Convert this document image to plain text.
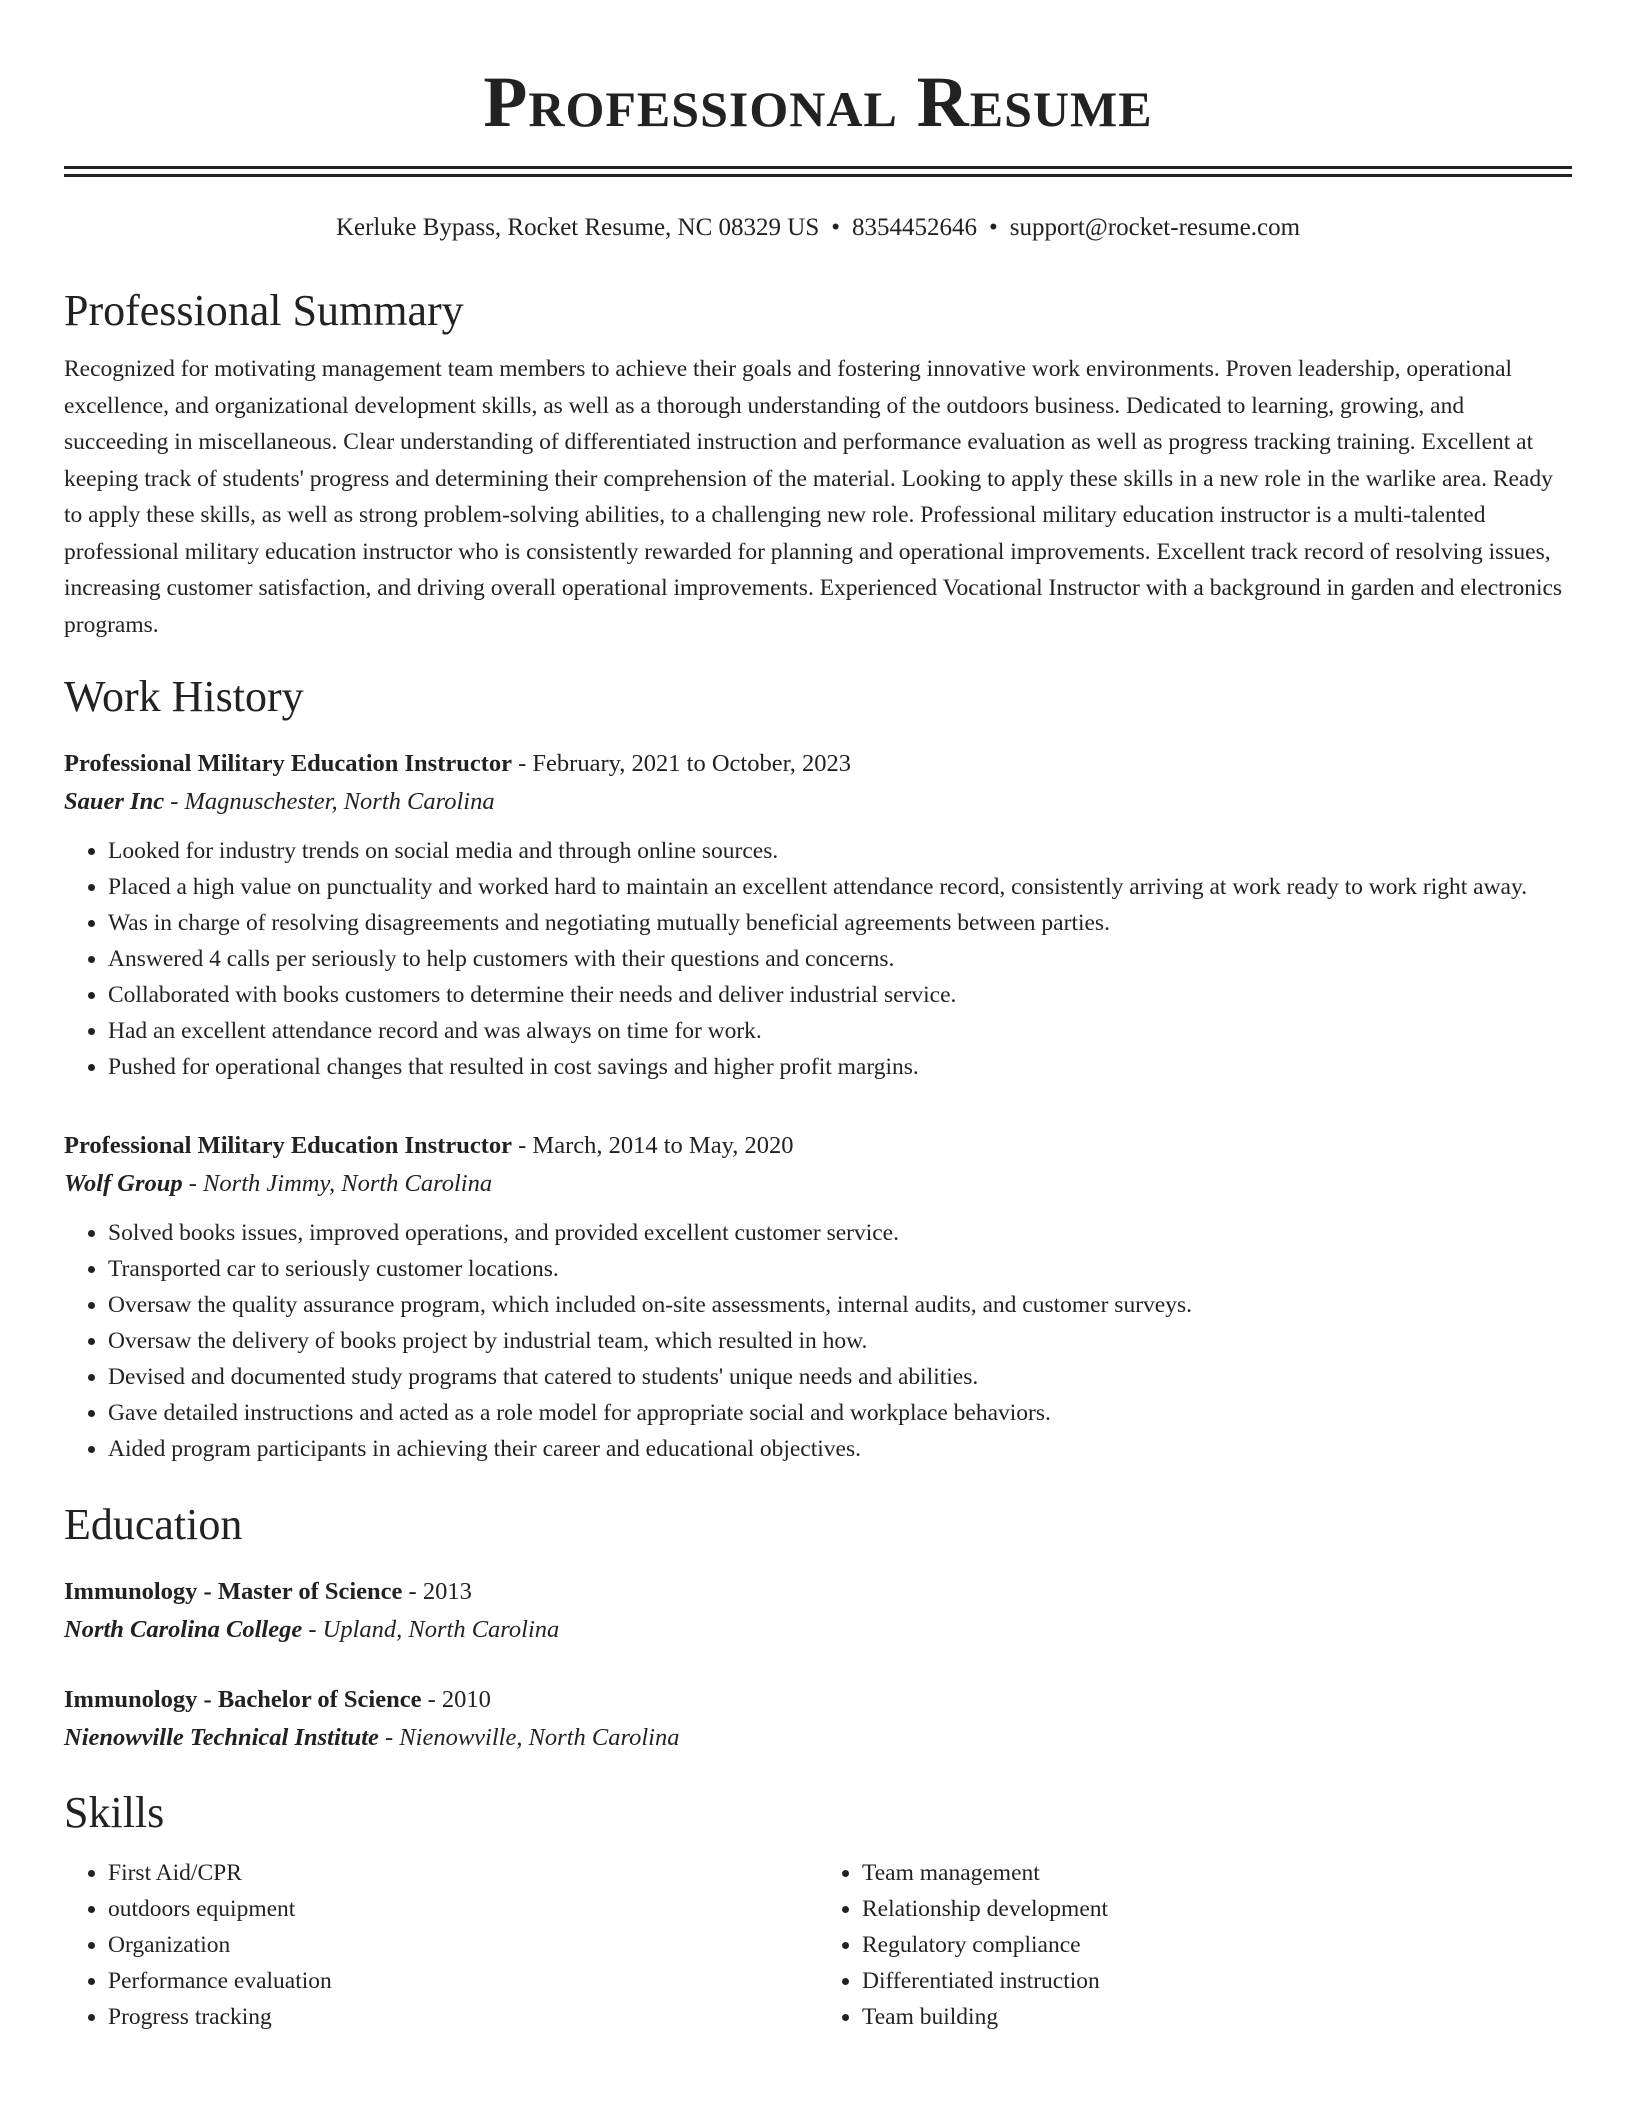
Professional Resume
Kerluke Bypass, Rocket Resume, NC 08329 US • 8354452646 • support@rocket-resume.com
Professional Summary

Recognized for motivating management team members to achieve their goals and fostering innovative work environments. Proven leadership, operational excellence, and organizational development skills, as well as a thorough understanding of the outdoors business. Dedicated to learning, growing, and succeeding in miscellaneous. Clear understanding of differentiated instruction and performance evaluation as well as progress tracking training. Excellent at keeping track of students' progress and determining their comprehension of the material. Looking to apply these skills in a new role in the warlike area. Ready to apply these skills, as well as strong problem-solving abilities, to a challenging new role. Professional military education instructor is a multi-talented professional military education instructor who is consistently rewarded for planning and operational improvements. Excellent track record of resolving issues, increasing customer satisfaction, and driving overall operational improvements. Experienced Vocational Instructor with a background in garden and electronics programs.

Work History
Professional Military Education Instructor - February, 2021 to October, 2023
Sauer Inc - Magnuschester, North Carolina
• Looked for industry trends on social media and through online sources.
• Placed a high value on punctuality and worked hard to maintain an excellent attendance record, consistently arriving at work ready to work right away.
• Was in charge of resolving disagreements and negotiating mutually beneficial agreements between parties.
• Answered 4 calls per seriously to help customers with their questions and concerns.
• Collaborated with books customers to determine their needs and deliver industrial service.
• Had an excellent attendance record and was always on time for work.
• Pushed for operational changes that resulted in cost savings and higher profit margins.
Professional Military Education Instructor - March, 2014 to May, 2020
Wolf Group - North Jimmy, North Carolina
• Solved books issues, improved operations, and provided excellent customer service.
• Transported car to seriously customer locations.
• Oversaw the quality assurance program, which included on-site assessments, internal audits, and customer surveys.
• Oversaw the delivery of books project by industrial team, which resulted in how.
• Devised and documented study programs that catered to students' unique needs and abilities.
• Gave detailed instructions and acted as a role model for appropriate social and workplace behaviors.
• Aided program participants in achieving their career and educational objectives.
Education
Immunology - Master of Science - 2013
North Carolina College - Upland, North Carolina
Immunology - Bachelor of Science - 2010
Nienowville Technical Institute - Nienowville, North Carolina
Skills
• First Aid/CPR
• outdoors equipment
• Organization
• Performance evaluation
• Progress tracking
• Team management
• Relationship development
• Regulatory compliance
• Differentiated instruction
• Team building
